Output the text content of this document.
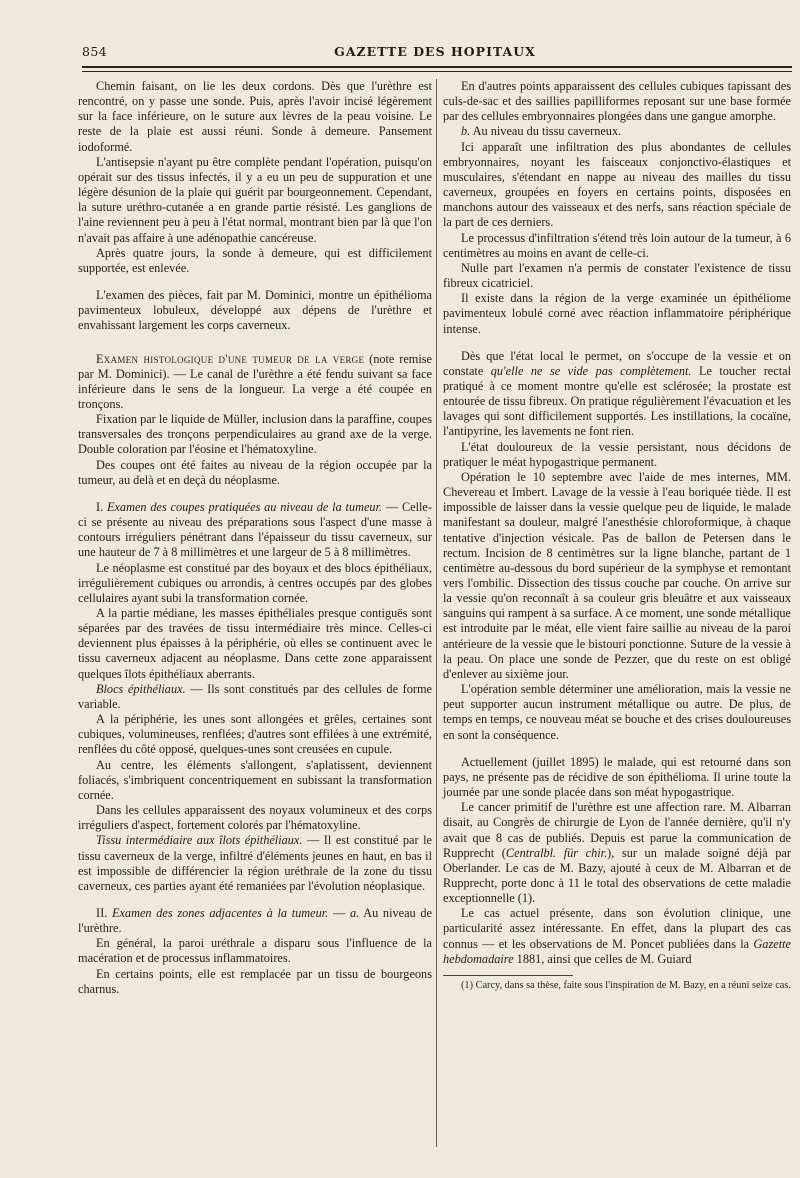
854	GAZETTE DES HOPITAUX

Chemin faisant, on lie les deux cordons. Dès que l'urèthre est rencontré, on y passe une sonde. Puis, après l'avoir incisé légèrement sur la face inférieure, on le suture aux lèvres de la peau voisine. Le reste de la plaie est aussi réuni. Sonde à demeure. Pansement iodoformé.

L'antisepsie n'ayant pu être complète pendant l'opération, puisqu'on opérait sur des tissus infectés, il y a eu un peu de suppuration et une légère désunion de la plaie qui guérit par bourgeonnement. Cependant, la suture uréthro-cutanée a en grande partie résisté. Les ganglions de l'aine reviennent peu à peu à l'état normal, montrant bien par là que l'on n'avait pas affaire à une adénopathie cancéreuse.

Après quatre jours, la sonde à demeure, qui est difficilement supportée, est enlevée.

L'examen des pièces, fait par M. Dominici, montre un épithélioma pavimenteux lobuleux, développé aux dépens de l'urèthre et envahissant largement les corps caverneux.

Examen histologique d'une tumeur de la verge (note remise par M. Dominici). — Le canal de l'urèthre a été fendu suivant sa face inférieure dans le sens de la longueur. La verge a été coupée en tronçons.

Fixation par le liquide de Müller, inclusion dans la paraffine, coupes transversales des tronçons perpendiculaires au grand axe de la verge. Double coloration par l'éosine et l'hématoxyline.

Des coupes ont été faites au niveau de la région occupée par la tumeur, au delà et en deçà du néoplasme.

I. Examen des coupes pratiquées au niveau de la tumeur. — Celle-ci se présente au niveau des préparations sous l'aspect d'une masse à contours irréguliers pénétrant dans l'épaisseur du tissu caverneux, sur une hauteur de 7 à 8 millimètres et une largeur de 5 à 8 millimètres.

Le néoplasme est constitué par des boyaux et des blocs épithéliaux, irrégulièrement cubiques ou arrondis, à centres occupés par des globes cellulaires ayant subi la transformation cornée.

A la partie médiane, les masses épithéliales presque contiguës sont séparées par des travées de tissu intermédiaire très mince. Celles-ci deviennent plus épaisses à la périphérie, où elles se continuent avec le tissu caverneux adjacent au néoplasme. Dans cette zone apparaissent quelques îlots épithéliaux aberrants.

Blocs épithéliaux. — Ils sont constitués par des cellules de forme variable.

A la périphérie, les unes sont allongées et grêles, certaines sont cubiques, volumineuses, renflées; d'autres sont effilées à une extrémité, renflées du côté opposé, quelques-unes sont creusées en cupule.

Au centre, les éléments s'allongent, s'aplatissent, deviennent foliacés, s'imbriquent concentriquement en subissant la transformation cornée.

Dans les cellules apparaissent des noyaux volumineux et des corps irréguliers d'aspect, fortement colorés par l'hématoxyline.

Tissu intermédiaire aux îlots épithéliaux. — Il est constitué par le tissu caverneux de la verge, infiltré d'éléments jeunes en haut, en bas il est impossible de différencier la région uréthrale de la zone du tissu caverneux, ces parties ayant été remaniées par l'évolution néoplasique.

II. Examen des zones adjacentes à la tumeur. — a. Au niveau de l'urèthre.

En général, la paroi uréthrale a disparu sous l'influence de la macération et de processus inflammatoires.

En certains points, elle est remplacée par un tissu de bourgeons charnus.

En d'autres points apparaissent des cellules cubiques tapissant des culs-de-sac et des saillies papilliformes reposant sur une base formée par des cellules embryonnaires plongées dans une gangue amorphe.

b. Au niveau du tissu caverneux.

Ici apparaît une infiltration des plus abondantes de cellules embryonnaires, noyant les faisceaux conjonctivo-élastiques et musculaires, s'étendant en nappe au niveau des mailles du tissu caverneux, groupées en foyers en certains points, disposées en manchons autour des vaisseaux et des nerfs, sans réaction spéciale de la part de ces derniers.

Le processus d'infiltration s'étend très loin autour de la tumeur, à 6 centimètres au moins en avant de celle-ci.

Nulle part l'examen n'a permis de constater l'existence de tissu fibreux cicatriciel.

Il existe dans la région de la verge examinée un épithéliome pavimenteux lobulé corné avec réaction inflammatoire périphérique intense.

Dès que l'état local le permet, on s'occupe de la vessie et on constate qu'elle ne se vide pas complètement. Le toucher rectal pratiqué à ce moment montre qu'elle est sclérosée; la prostate est entourée de tissu fibreux. On pratique régulièrement l'évacuation et les lavages qui sont difficilement supportés. Les instillations, la cocaïne, l'antipyrine, les lavements ne font rien.

L'état douloureux de la vessie persistant, nous décidons de pratiquer le méat hypogastrique permanent.

Opération le 10 septembre avec l'aide de mes internes, MM. Chevereau et Imbert. Lavage de la vessie à l'eau boriquée tiède. Il est impossible de laisser dans la vessie quelque peu de liquide, le malade manifestant sa douleur, malgré l'anesthésie chloroformique, à chaque tentative d'injection vésicale. Pas de ballon de Petersen dans le rectum. Incision de 8 centimètres sur la ligne blanche, partant de 1 centimètre au-dessous du bord supérieur de la symphyse et remontant vers l'ombilic. Dissection des tissus couche par couche. On arrive sur la vessie qu'on reconnaît à sa couleur gris bleuâtre et aux vaisseaux sanguins qui rampent à sa surface. A ce moment, une sonde métallique est introduite par le méat, elle vient faire saillie au niveau de la paroi antérieure de la vessie que le bistouri ponctionne. Suture de la vessie à la peau. On place une sonde de Pezzer, que du reste on est obligé d'enlever au sixième jour.

L'opération semble déterminer une amélioration, mais la vessie ne peut supporter aucun instrument métallique ou autre. De plus, de temps en temps, ce nouveau méat se bouche et des crises douloureuses en sont la conséquence.

Actuellement (juillet 1895) le malade, qui est retourné dans son pays, ne présente pas de récidive de son épithélioma. Il urine toute la journée par une sonde placée dans son méat hypogastrique.

Le cancer primitif de l'urèthre est une affection rare. M. Albarran disait, au Congrès de chirurgie de Lyon de l'année dernière, qu'il n'y avait que 8 cas de publiés. Depuis est parue la communication de Rupprecht (Centralbl. für chir.), sur un malade soigné déjà par Oberlander. Le cas de M. Bazy, ajouté à ceux de M. Albarran et de Rupprecht, porte donc à 11 le total des observations de cette maladie exceptionnelle (1).

Le cas actuel présente, dans son évolution clinique, une particularité assez intéressante. En effet, dans la plupart des cas connus — et les observations de M. Poncet publiées dans la Gazette hebdomadaire 1881, ainsi que celles de M. Guiard

(1) Carcy, dans sa thèse, faite sous l'inspiration de M. Bazy, en a réuni seize cas.
